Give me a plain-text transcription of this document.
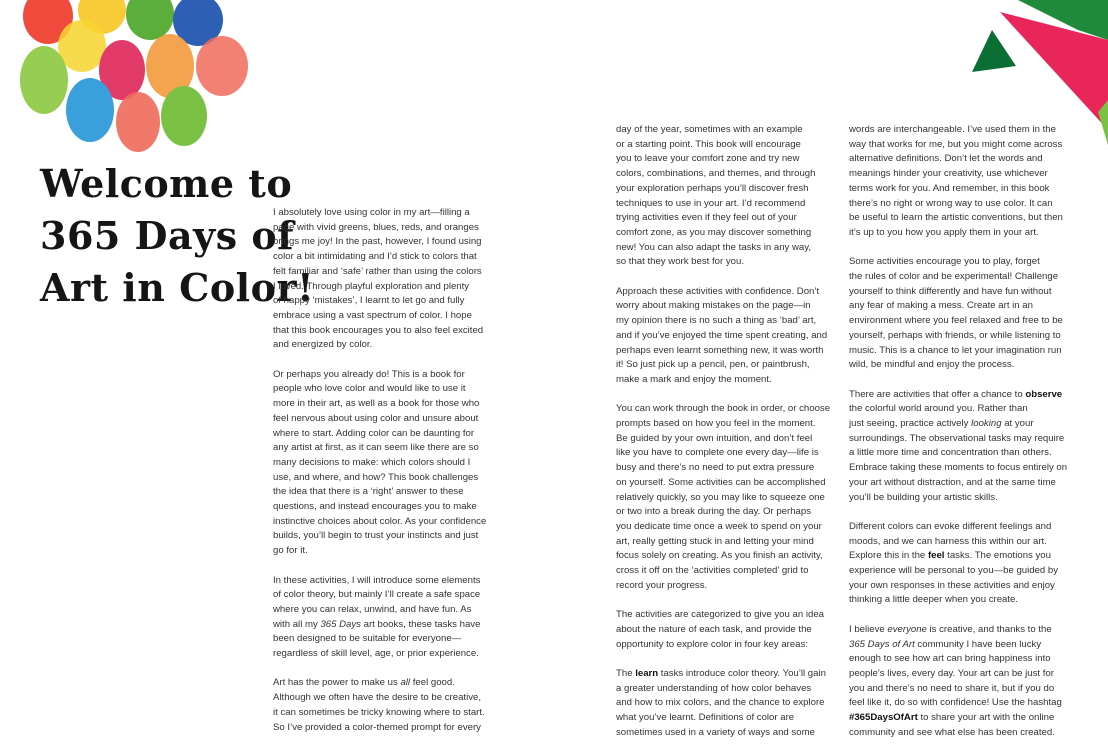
Welcome to
365 Days of
Art in Color!

I absolutely love using color in my art—filling a
page with vivid greens, blues, reds, and oranges
brings me joy! In the past, however, I found using
color a bit intimidating and I’d stick to colors that
felt familiar and ‘safe’ rather than using the colors
I loved. Through playful exploration and plenty
of happy ‘mistakes’, I learnt to let go and fully
embrace using a vast spectrum of color. I hope
that this book encourages you to also feel excited
and energized by color.

Or perhaps you already do! This is a book for
people who love color and would like to use it
more in their art, as well as a book for those who
feel nervous about using color and unsure about
where to start. Adding color can be daunting for
any artist at first, as it can seem like there are so
many decisions to make: which colors should I
use, and where, and how? This book challenges
the idea that there is a ‘right’ answer to these
questions, and instead encourages you to make
instinctive choices about color. As your confidence
builds, you’ll begin to trust your instincts and just
go for it.

In these activities, I will introduce some elements
of color theory, but mainly I’ll create a safe space
where you can relax, unwind, and have fun. As
with all my 365 Days art books, these tasks have
been designed to be suitable for everyone—
regardless of skill level, age, or prior experience.

Art has the power to make us all feel good.
Although we often have the desire to be creative,
it can sometimes be tricky knowing where to start.
So I’ve provided a color-themed prompt for every

day of the year, sometimes with an example
or a starting point. This book will encourage
you to leave your comfort zone and try new
colors, combinations, and themes, and through
your exploration perhaps you’ll discover fresh
techniques to use in your art. I’d recommend
trying activities even if they feel out of your
comfort zone, as you may discover something
new! You can also adapt the tasks in any way,
so that they work best for you.

Approach these activities with confidence. Don’t
worry about making mistakes on the page—in
my opinion there is no such a thing as ‘bad’ art,
and if you’ve enjoyed the time spent creating, and
perhaps even learnt something new, it was worth
it! So just pick up a pencil, pen, or paintbrush,
make a mark and enjoy the moment.

You can work through the book in order, or choose
prompts based on how you feel in the moment.
Be guided by your own intuition, and don’t feel
like you have to complete one every day—life is
busy and there’s no need to put extra pressure
on yourself. Some activities can be accomplished
relatively quickly, so you may like to squeeze one
or two into a break during the day. Or perhaps
you dedicate time once a week to spend on your
art, really getting stuck in and letting your mind
focus solely on creating. As you finish an activity,
cross it off on the ‘activities completed’ grid to
record your progress.

The activities are categorized to give you an idea
about the nature of each task, and provide the
opportunity to explore color in four key areas:

The learn tasks introduce color theory. You’ll gain
a greater understanding of how color behaves
and how to mix colors, and the chance to explore
what you’ve learnt. Definitions of color are
sometimes used in a variety of ways and some

words are interchangeable. I’ve used them in the
way that works for me, but you might come across
alternative definitions. Don’t let the words and
meanings hinder your creativity, use whichever
terms work for you. And remember, in this book
there’s no right or wrong way to use color. It can
be useful to learn the artistic conventions, but then
it’s up to you how you apply them in your art.

Some activities encourage you to play, forget
the rules of color and be experimental! Challenge
yourself to think differently and have fun without
any fear of making a mess. Create art in an
environment where you feel relaxed and free to be
yourself, perhaps with friends, or while listening to
music. This is a chance to let your imagination run
wild, be mindful and enjoy the process.

There are activities that offer a chance to observe
the colorful world around you. Rather than
just seeing, practice actively looking at your
surroundings. The observational tasks may require
a little more time and concentration than others.
Embrace taking these moments to focus entirely on
your art without distraction, and at the same time
you’ll be building your artistic skills.

Different colors can evoke different feelings and
moods, and we can harness this within our art.
Explore this in the feel tasks. The emotions you
experience will be personal to you—be guided by
your own responses in these activities and enjoy
thinking a little deeper when you create.

I believe everyone is creative, and thanks to the
365 Days of Art community I have been lucky
enough to see how art can bring happiness into
people’s lives, every day. Your art can be just for
you and there’s no need to share it, but if you do
feel like it, do so with confidence! Use the hashtag
#365DaysOfArt to share your art with the online
community and see what else has been created.
